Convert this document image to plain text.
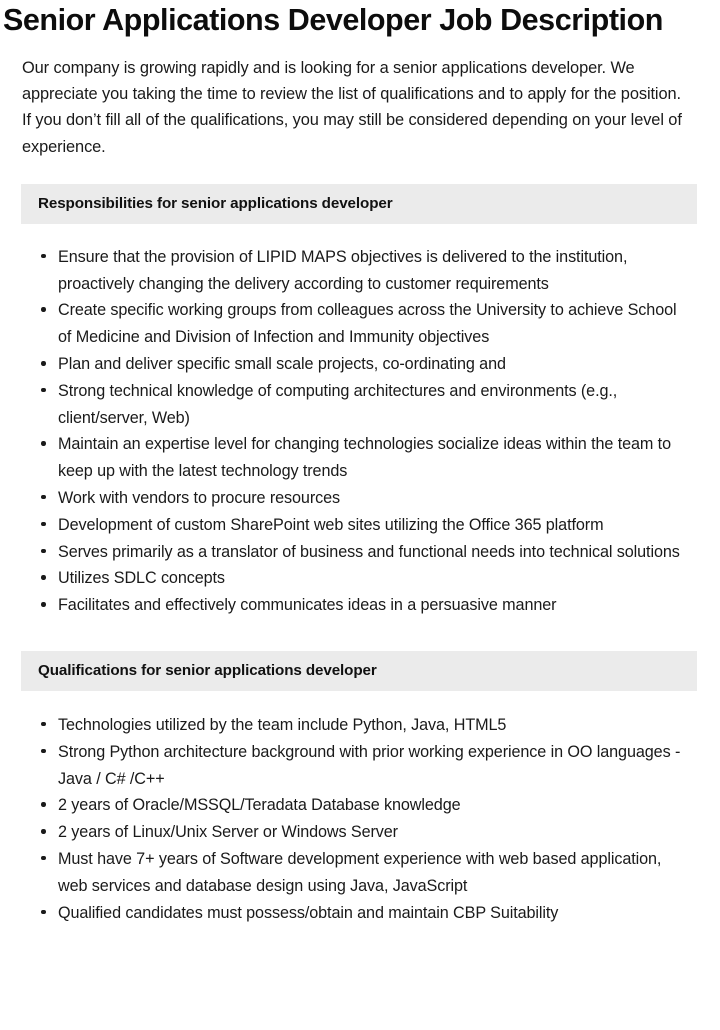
Senior Applications Developer Job Description

Our company is growing rapidly and is looking for a senior applications developer. We appreciate you taking the time to review the list of qualifications and to apply for the position. If you don’t fill all of the qualifications, you may still be considered depending on your level of experience.

Responsibilities for senior applications developer
Ensure that the provision of LIPID MAPS objectives is delivered to the institution, proactively changing the delivery according to customer requirements
Create specific working groups from colleagues across the University to achieve School of Medicine and Division of Infection and Immunity objectives
Plan and deliver specific small scale projects, co-ordinating and
Strong technical knowledge of computing architectures and environments (e.g., client/server, Web)
Maintain an expertise level for changing technologies socialize ideas within the team to keep up with the latest technology trends
Work with vendors to procure resources
Development of custom SharePoint web sites utilizing the Office 365 platform
Serves primarily as a translator of business and functional needs into technical solutions
Utilizes SDLC concepts
Facilitates and effectively communicates ideas in a persuasive manner
Qualifications for senior applications developer
Technologies utilized by the team include Python, Java, HTML5
Strong Python architecture background with prior working experience in OO languages - Java / C# /C++
2 years of Oracle/MSSQL/Teradata Database knowledge
2 years of Linux/Unix Server or Windows Server
Must have 7+ years of Software development experience with web based application, web services and database design using Java, JavaScript
Qualified candidates must possess/obtain and maintain CBP Suitability
